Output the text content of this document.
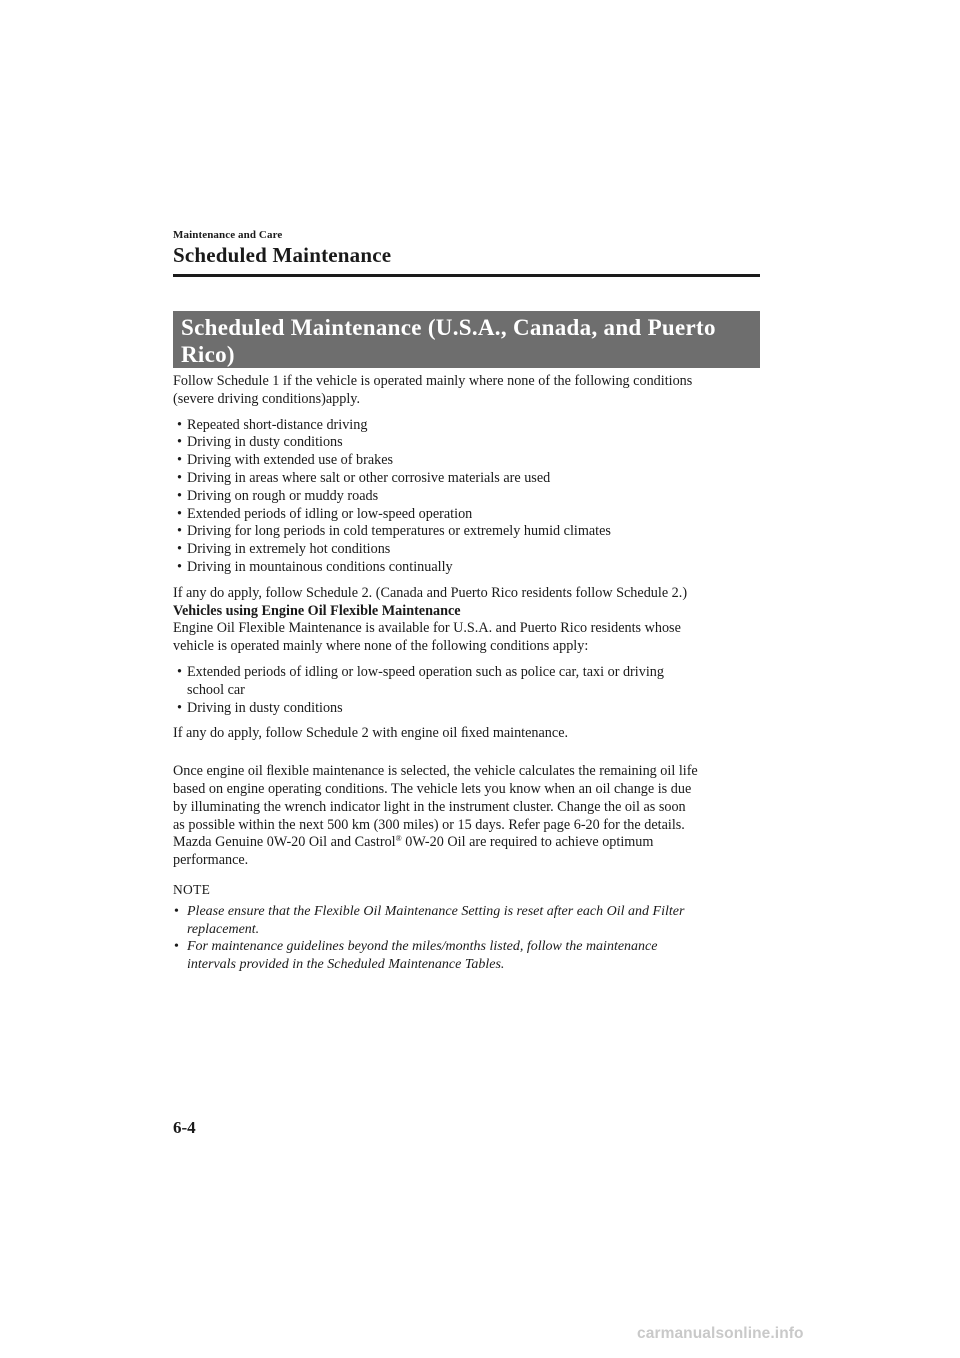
Maintenance and Care
Scheduled Maintenance
Scheduled Maintenance (U.S.A., Canada, and Puerto
Rico)

Follow Schedule 1 if the vehicle is operated mainly where none of the following conditions

(severe driving conditions)apply.

• Repeated short-distance driving
• Driving in dusty conditions
• Driving with extended use of brakes
• Driving in areas where salt or other corrosive materials are used
• Driving on rough or muddy roads
• Extended periods of idling or low-speed operation
• Driving for long periods in cold temperatures or extremely humid climates
• Driving in extremely hot conditions
• Driving in mountainous conditions continually

If any do apply, follow Schedule 2. (Canada and Puerto Rico residents follow Schedule 2.)

Vehicles using Engine Oil Flexible Maintenance

Engine Oil Flexible Maintenance is available for U.S.A. and Puerto Rico residents whose

vehicle is operated mainly where none of the following conditions apply:

• Extended periods of idling or low-speed operation such as police car, taxi or driving
school car
• Driving in dusty conditions

If any do apply, follow Schedule 2 with engine oil ﬁxed maintenance.

Once engine oil ﬂexible maintenance is selected, the vehicle calculates the remaining oil life

based on engine operating conditions. The vehicle lets you know when an oil change is due

by illuminating the wrench indicator light in the instrument cluster. Change the oil as soon

as possible within the next 500 km (300 miles) or 15 days. Refer page 6-20 for the details.

Mazda Genuine 0W-20 Oil and Castrol® 0W-20 Oil are required to achieve optimum

performance.

NOTE
• Please ensure that the Flexible Oil Maintenance Setting is reset after each Oil and Filter
replacement.
• For maintenance guidelines beyond the miles/months listed, follow the maintenance
intervals provided in the Scheduled Maintenance Tables.
6-4
carmanualsonline.info
